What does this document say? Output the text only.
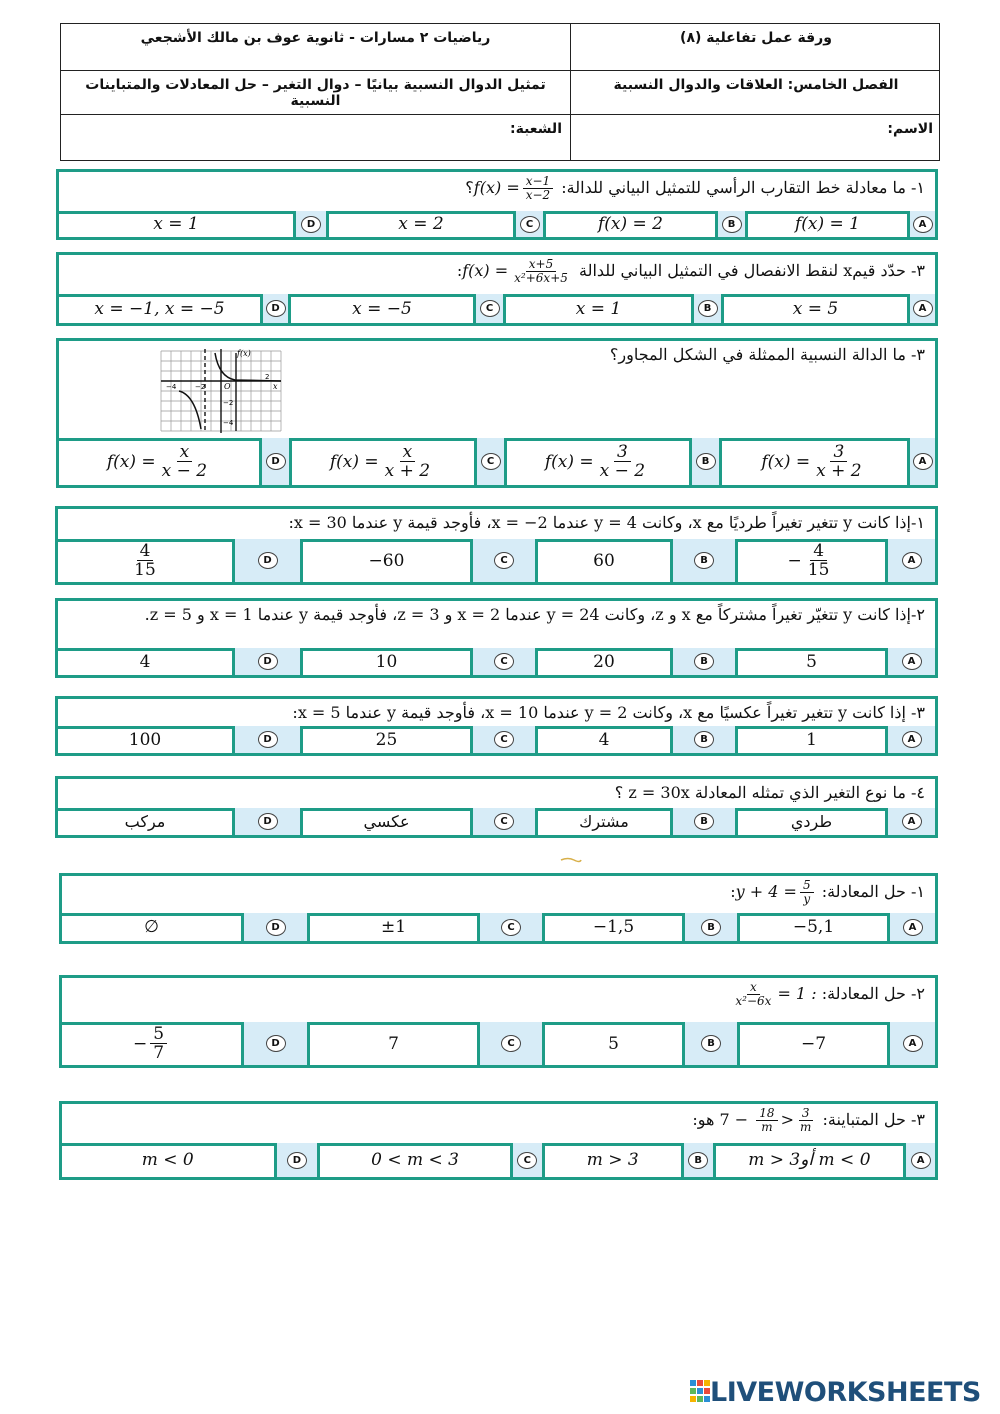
ورقة عمل تفاعلية (٨)
رياضيات ٢ مسارات - ثانوية عوف بن مالك الأشجعي
الفصل الخامس: العلاقات والدوال النسبية
تمثيل الدوال النسبية بيانيًا – دوال التغير – حل المعادلات والمتباينات النسبية
الاسم:
الشعبة:
١- ما معادلة خط التقارب الرأسي للتمثيل البياني للدالة: $f(x) = \frac{x-1}{x-2}$
؟
A
f(x) = 1
B
f(x) = 2
C
x = 2
D
x = 1
٣- حدّد قيمx لنقط الانفصال في التمثيل البياني للدالة $f(x) = \frac{x+5}{\text{x²+6x+5}}$
:
A
x = 5
B
x = 1
C
x = −5
D
x = −1, x = −5
٣- ما الدالة النسبية الممثلة في الشكل المجاور؟
f(x)
x
−4	−2 O
2
−2
−4
A
$f(x) = \frac{3}{x + 2}$
B
$f(x) = \frac{3}{x - 2}$
C
$f(x) = \frac{x}{x + 2}$
D
$f(x) = \frac{x}{x - 2}$
١-إذا كانت y تتغير تغيراً طرديًا مع x، وكانت y = 4 عندما x = −2، فأوجد قيمة y عندما x = 30:
A
− $\frac{4}{15}$
B
60
C
−60
D
$\frac{4}{15}$
٢-إذا كانت y تتغيّر تغيراً مشتركاً مع x و z، وكانت y = 24 عندما x = 2 و z = 3، فأوجد قيمة y عندما x = 1 و z = 5.
A
5
B
20
C
10
D
4
٣- إذا كانت y تتغير تغيراً عكسيًا مع x، وكانت y = 2 عندما x = 10، فأوجد قيمة y عندما x = 5:
A
1
B
4
C
25
D
100
٤- ما نوع التغير الذي تمثله المعادلة z = 30x ؟
A
طردي
B
مشترك
C
عكسي
D
مركب
١- حل المعادلة: $y + 4 = \frac{5}{y}$
:
A
−5,1
B
−1,5
C
±1
D
∅
٢- حل المعادلة:
$\frac{x}{\text{x²−6x}} = 1$ :
A
−7
B
5
C
7
D
− $\frac{5}{7}$
٣- حل المتباينة:
$\frac{18}{m} > \frac{3}{m}$
− 7 هو:
A
m > 3أو m < 0
B
m > 3
C
0 < m < 3
D
m < 0
LIVEWORKSHEETS
